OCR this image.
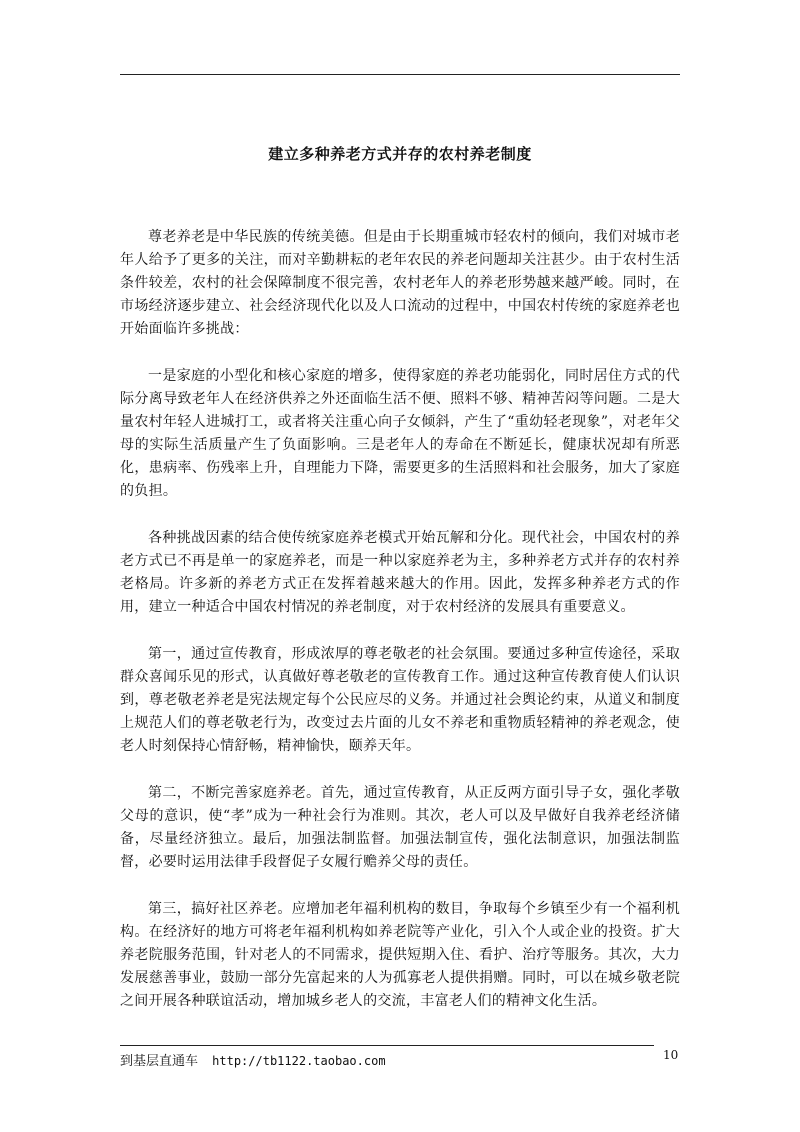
建立多种养老方式并存的农村养老制度

尊老养老是中华民族的传统美德。但是由于长期重城市轻农村的倾向，我们对城市老年人给予了更多的关注，而对辛勤耕耘的老年农民的养老问题却关注甚少。由于农村生活条件较差，农村的社会保障制度不很完善，农村老年人的养老形势越来越严峻。同时，在市场经济逐步建立、社会经济现代化以及人口流动的过程中，中国农村传统的家庭养老也开始面临许多挑战：

一是家庭的小型化和核心家庭的增多，使得家庭的养老功能弱化，同时居住方式的代际分离导致老年人在经济供养之外还面临生活不便、照料不够、精神苦闷等问题。二是大量农村年轻人进城打工，或者将关注重心向子女倾斜，产生了“重幼轻老现象”，对老年父母的实际生活质量产生了负面影响。三是老年人的寿命在不断延长，健康状况却有所恶化，患病率、伤残率上升，自理能力下降，需要更多的生活照料和社会服务，加大了家庭的负担。

各种挑战因素的结合使传统家庭养老模式开始瓦解和分化。现代社会，中国农村的养老方式已不再是单一的家庭养老，而是一种以家庭养老为主，多种养老方式并存的农村养老格局。许多新的养老方式正在发挥着越来越大的作用。因此，发挥多种养老方式的作用，建立一种适合中国农村情况的养老制度，对于农村经济的发展具有重要意义。

第一，通过宣传教育，形成浓厚的尊老敬老的社会氛围。要通过多种宣传途径，采取群众喜闻乐见的形式，认真做好尊老敬老的宣传教育工作。通过这种宣传教育使人们认识到，尊老敬老养老是宪法规定每个公民应尽的义务。并通过社会舆论约束，从道义和制度上规范人们的尊老敬老行为，改变过去片面的儿女不养老和重物质轻精神的养老观念，使老人时刻保持心情舒畅，精神愉快，颐养天年。

第二，不断完善家庭养老。首先，通过宣传教育，从正反两方面引导子女，强化孝敬父母的意识，使“孝”成为一种社会行为准则。其次，老人可以及早做好自我养老经济储备，尽量经济独立。最后，加强法制监督。加强法制宣传，强化法制意识，加强法制监督，必要时运用法律手段督促子女履行赡养父母的责任。

第三，搞好社区养老。应增加老年福利机构的数目，争取每个乡镇至少有一个福利机构。在经济好的地方可将老年福利机构如养老院等产业化，引入个人或企业的投资。扩大养老院服务范围，针对老人的不同需求，提供短期入住、看护、治疗等服务。其次，大力发展慈善事业，鼓励一部分先富起来的人为孤寡老人提供捐赠。同时，可以在城乡敬老院之间开展各种联谊活动，增加城乡老人的交流，丰富老人们的精神文化生活。

到基层直通车 http://tb1122.taobao.com	10
